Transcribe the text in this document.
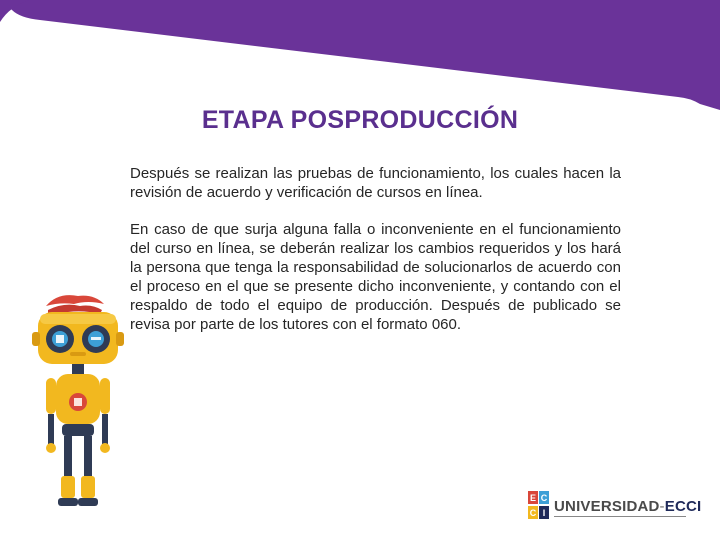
ETAPA POSPRODUCCIÓN

Después se realizan las pruebas de funcionamiento, los cuales hacen la revisión de acuerdo y verificación de cursos en línea.

En caso de que surja alguna falla o inconveniente en el funcionamiento del curso en línea, se deberán realizar los cambios requeridos y los hará la persona que tenga la responsabilidad de solucionarlos de acuerdo con el proceso en el que se presente dicho inconveniente, y contando con el respaldo de todo el equipo de producción. Después de publicado se revisa por parte de los tutores con el formato 060.

E C
C I UNIVERSIDAD-ECCI
